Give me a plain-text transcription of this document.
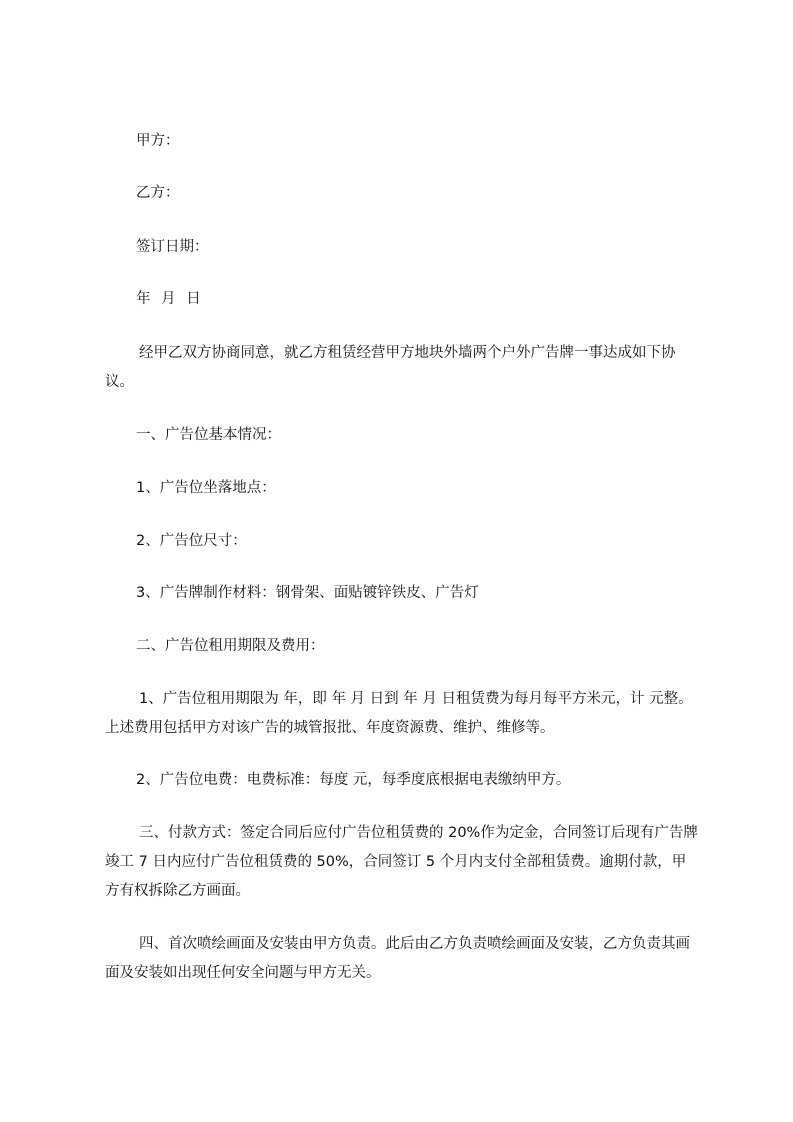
甲方：

乙方：

签订日期：

年 月 日

经甲乙双方协商同意，就乙方租赁经营甲方地块外墙两个户外广告牌一事达成如下协议。

一、广告位基本情况：

1、广告位坐落地点：

2、广告位尺寸：

3、广告牌制作材料：钢骨架、面贴镀锌铁皮、广告灯

二、广告位租用期限及费用：

1、广告位租用期限为 年，即 年 月 日到 年 月 日租赁费为每月每平方米元，计 元整。上述费用包括甲方对该广告的城管报批、年度资源费、维护、维修等。

2、广告位电费：电费标准：每度 元，每季度底根据电表缴纳甲方。

三、付款方式：签定合同后应付广告位租赁费的 20%作为定金，合同签订后现有广告牌竣工 7 日内应付广告位租赁费的 50%，合同签订 5 个月内支付全部租赁费。逾期付款，甲方有权拆除乙方画面。

四、首次喷绘画面及安装由甲方负责。此后由乙方负责喷绘画面及安装，乙方负责其画面及安装如出现任何安全问题与甲方无关。
